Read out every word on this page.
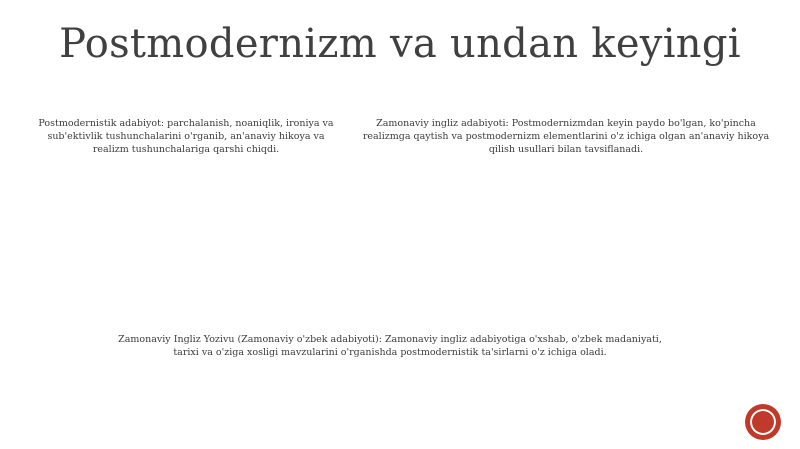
Postmodernizm va undan keyingi
Postmodernistik adabiyot: parchalanish, noaniqlik, ironiya va sub'ektivlik tushunchalarini o'rganib, an'anaviy hikoya va realizm tushunchalariga qarshi chiqdi.
Zamonaviy ingliz adabiyoti: Postmodernizmdan keyin paydo bo'lgan, ko'pincha realizmga qaytish va postmodernizm elementlarini o'z ichiga olgan an'anaviy hikoya qilish usullari bilan tavsiflanadi.
Zamonaviy Ingliz Yozivu (Zamonaviy o'zbek adabiyoti): Zamonaviy ingliz adabiyotiga o'xshab, o'zbek madaniyati, tarixi va o'ziga xosligi mavzularini o'rganishda postmodernistik ta'sirlarni o'z ichiga oladi.
